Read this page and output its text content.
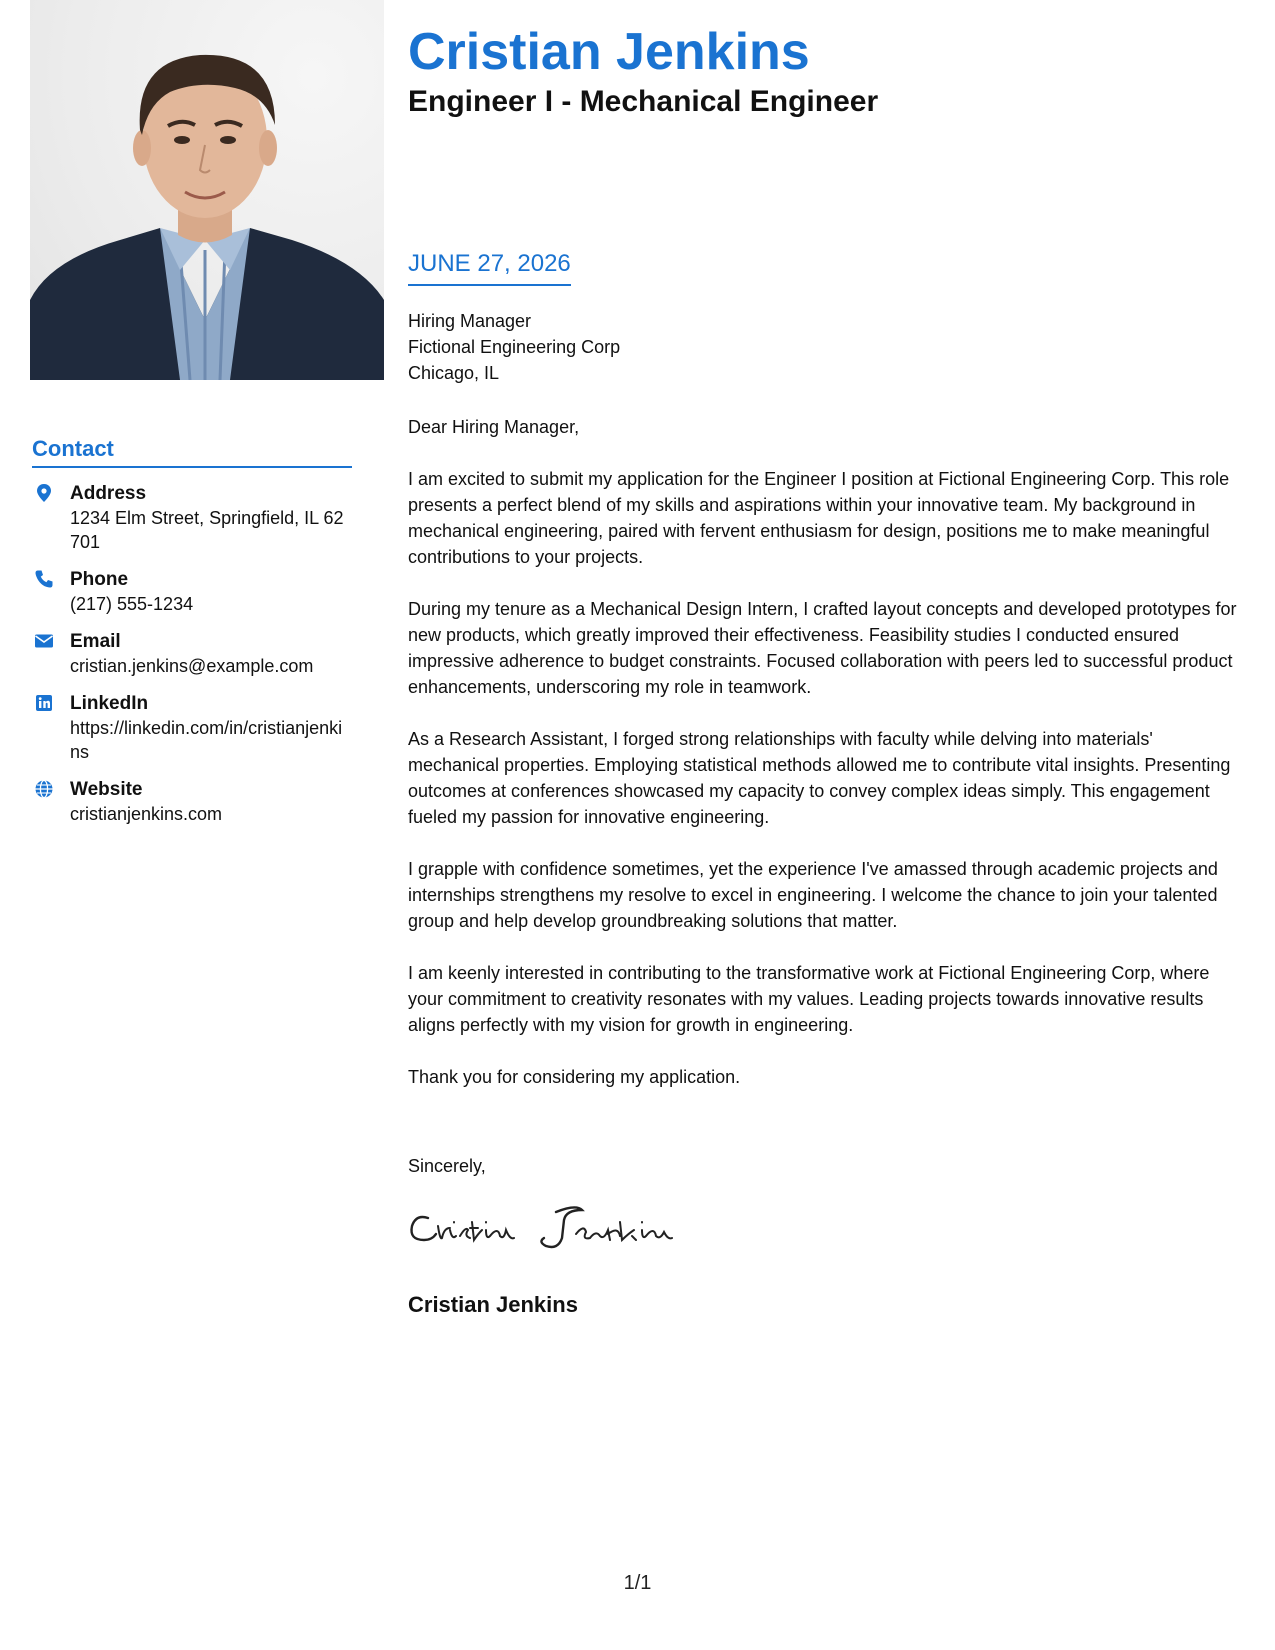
Contact
Address
1234 Elm Street, Springfield, IL 62701
Phone
(217) 555-1234
Email
cristian.jenkins@example.com
LinkedIn
https://linkedin.com/in/cristianjenkins
Website
cristianjenkins.com
Cristian Jenkins
Engineer I - Mechanical Engineer
JUNE 27, 2026
Hiring Manager
Fictional Engineering Corp
Chicago, IL

Dear Hiring Manager,

I am excited to submit my application for the Engineer I position at Fictional Engineering Corp. This role presents a perfect blend of my skills and aspirations within your innovative team. My background in mechanical engineering, paired with fervent enthusiasm for design, positions me to make meaningful contributions to your projects.

During my tenure as a Mechanical Design Intern, I crafted layout concepts and developed prototypes for new products, which greatly improved their effectiveness. Feasibility studies I conducted ensured impressive adherence to budget constraints. Focused collaboration with peers led to successful product enhancements, underscoring my role in teamwork.

As a Research Assistant, I forged strong relationships with faculty while delving into materials' mechanical properties. Employing statistical methods allowed me to contribute vital insights. Presenting outcomes at conferences showcased my capacity to convey complex ideas simply. This engagement fueled my passion for innovative engineering.

I grapple with confidence sometimes, yet the experience I've amassed through academic projects and internships strengthens my resolve to excel in engineering. I welcome the chance to join your talented group and help develop groundbreaking solutions that matter.

I am keenly interested in contributing to the transformative work at Fictional Engineering Corp, where your commitment to creativity resonates with my values. Leading projects towards innovative results aligns perfectly with my vision for growth in engineering.

Thank you for considering my application.

Sincerely,
Cristian Jenkins
1/1
